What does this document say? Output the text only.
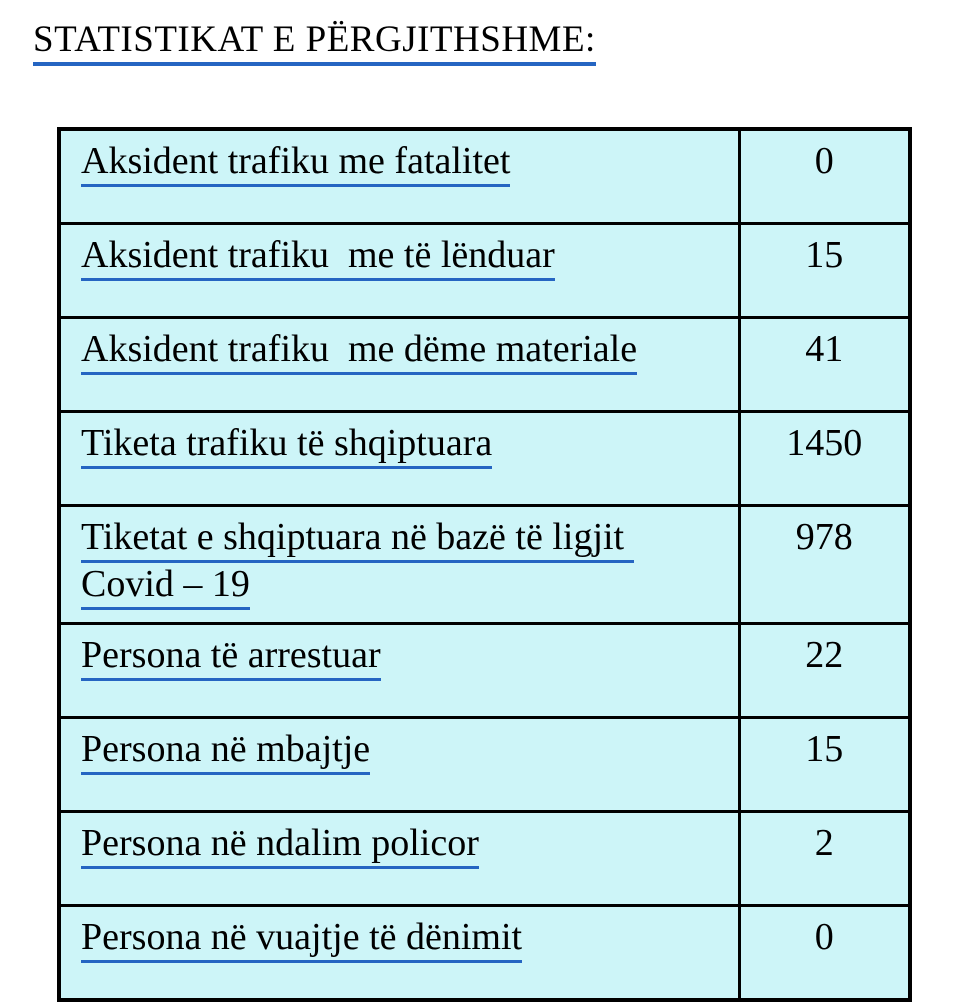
STATISTIKAT E PËRGJITHSHME:
Aksident trafiku me fatalitet	0
Aksident trafiku  me të lënduar	15
Aksident trafiku  me dëme materiale	41
Tiketa trafiku të shqiptuara	1450
Tiketat e shqiptuara në bazë të ligjit Covid – 19	978
Persona të arrestuar	22
Persona në mbajtje	15
Persona në ndalim policor	2
Persona në vuajtje të dënimit	0
